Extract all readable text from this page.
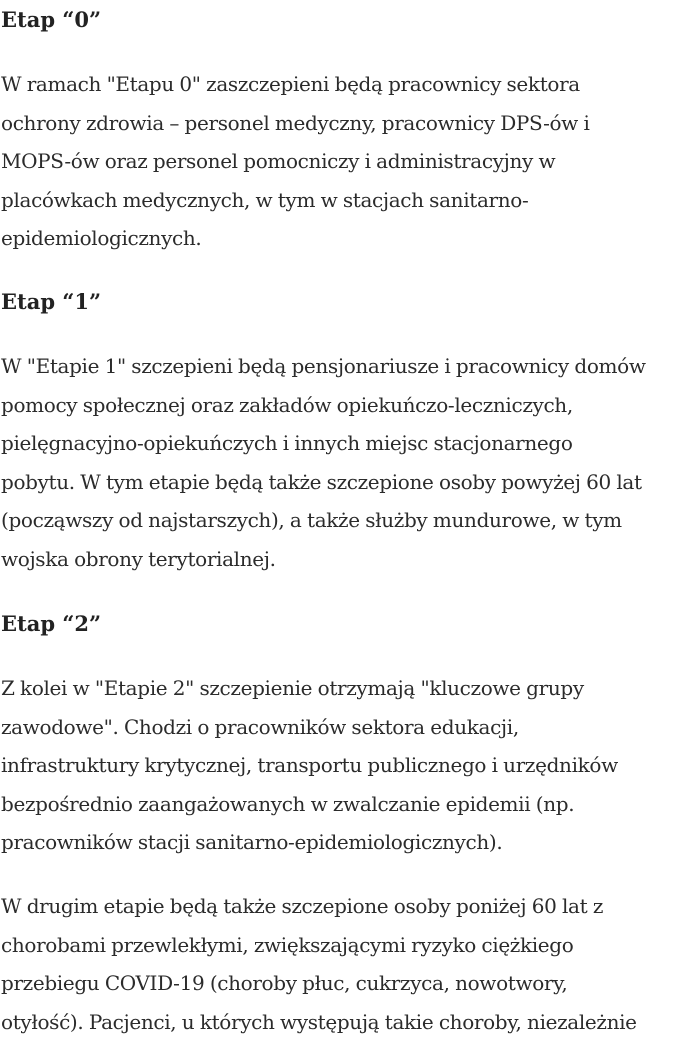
Etap “0”

W ramach "Etapu 0" zaszczepieni będą pracownicy sektora
ochrony zdrowia – personel medyczny, pracownicy DPS-ów i
MOPS-ów oraz personel pomocniczy i administracyjny w
placówkach medycznych, w tym w stacjach sanitarno-
epidemiologicznych.

Etap “1”

W "Etapie 1" szczepieni będą pensjonariusze i pracownicy domów
pomocy społecznej oraz zakładów opiekuńczo-leczniczych,
pielęgnacyjno-opiekuńczych i innych miejsc stacjonarnego
pobytu. W tym etapie będą także szczepione osoby powyżej 60 lat
(począwszy od najstarszych), a także służby mundurowe, w tym
wojska obrony terytorialnej.

Etap “2”

Z kolei w "Etapie 2" szczepienie otrzymają "kluczowe grupy
zawodowe". Chodzi o pracowników sektora edukacji,
infrastruktury krytycznej, transportu publicznego i urzędników
bezpośrednio zaangażowanych w zwalczanie epidemii (np.
pracowników stacji sanitarno-epidemiologicznych).

W drugim etapie będą także szczepione osoby poniżej 60 lat z
chorobami przewlekłymi, zwiększającymi ryzyko ciężkiego
przebiegu COVID-19 (choroby płuc, cukrzyca, nowotwory,
otyłość). Pacjenci, u których występują takie choroby, niezależnie
